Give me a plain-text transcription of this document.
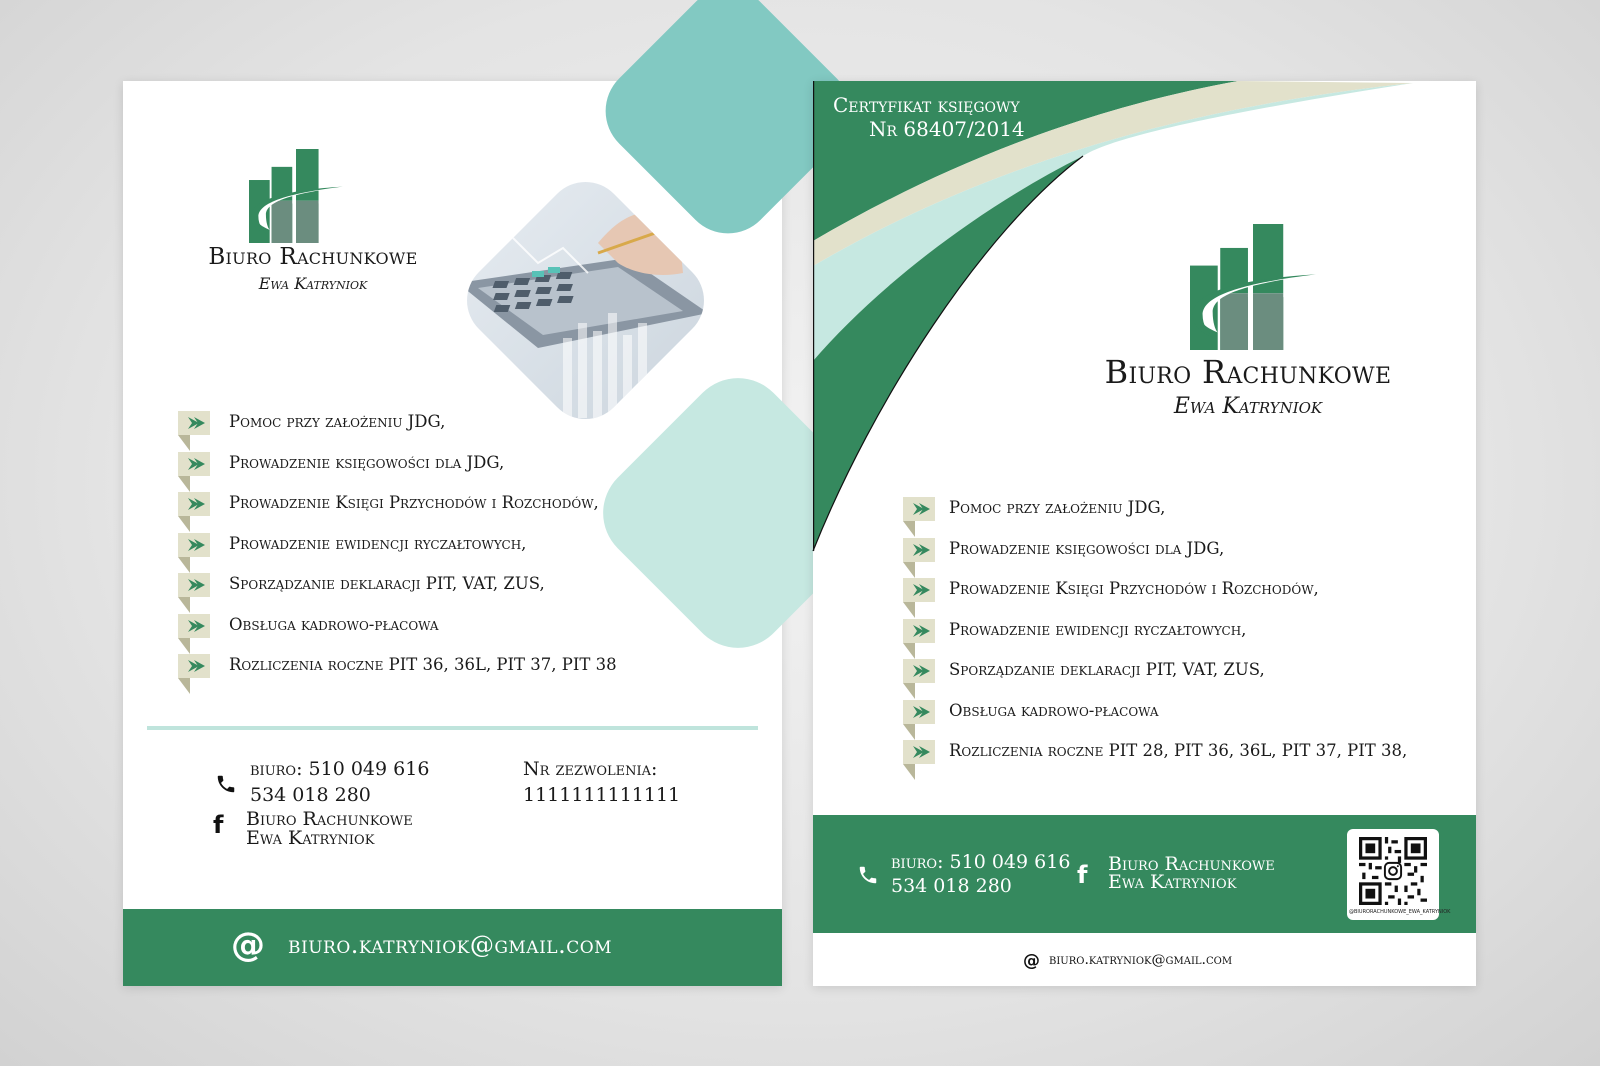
Biuro Rachunkowe
Ewa Katryniok
Pomoc przy założeniu JDG,
Prowadzenie księgowości dla JDG,
Prowadzenie Księgi Przychodów i Rozchodów,
Prowadzenie ewidencji ryczałtowych,
Sporządzanie deklaracji PIT, VAT, ZUS,
Obsługa kadrowo-płacowa
Rozliczenia roczne PIT 36, 36L, PIT 37, PIT 38
biuro: 510 049 616
534 018 280
Nr zezwolenia:
1111111111111
f Biuro Rachunkowe
Ewa Katryniok
@ biuro.katryniok@gmail.com
Certyfikat księgowy
Nr 68407/2014
Biuro Rachunkowe
Ewa Katryniok
Pomoc przy założeniu JDG,
Prowadzenie księgowości dla JDG,
Prowadzenie Księgi Przychodów i Rozchodów,
Prowadzenie ewidencji ryczałtowych,
Sporządzanie deklaracji PIT, VAT, ZUS,
Obsługa kadrowo-płacowa
Rozliczenia roczne PIT 28, PIT 36, 36L, PIT 37, PIT 38,
biuro: 510 049 616
534 018 280	f Biuro Rachunkowe
Ewa Katryniok
@BIURORACHUNKOWE_EWA_KATRYNIOK
@ biuro.katryniok@gmail.com
